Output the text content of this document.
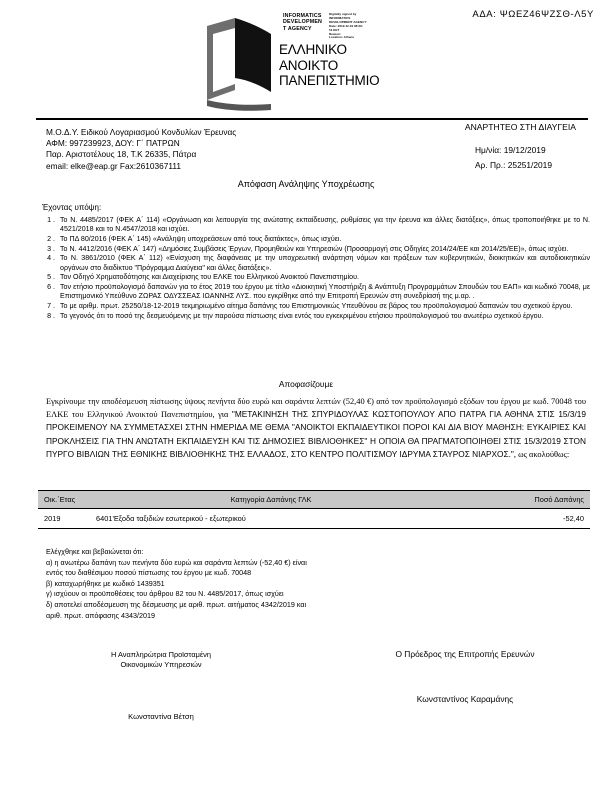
ΑΔΑ: ΨΩΕΖ46ΨΖΣΘ-Λ5Υ
ΕΛΛΗΝΙΚΟ
ΑΝΟΙΚΤΟ
ΠΑΝΕΠΙΣΤΗΜΙΟ
INFORMATICS
DEVELOPMEN
T AGENCY
Digitally signed by
INFORMATICS
DEVELOPMENT AGENCY
Date: 2019.12.19 08:29:
51 EET
Reason:
Location: Athens
ΑΝΑΡΤΗΤΕΟ ΣΤΗ ΔΙΑΥΓΕΙΑ
Μ.Ο.Δ.Υ. Ειδικού Λογαριασμού Κονδυλίων Έρευνας
ΑΦΜ: 997239923, ΔΟΥ: Γ΄ ΠΑΤΡΩΝ
Παρ. Αριστοτέλους 18, Τ.Κ 26335, Πάτρα
email: elke@eap.gr Fax:2610367111
Ημ/νία: 19/12/2019
Αρ. Πρ.: 25251/2019
Απόφαση Ανάληψης Υποχρέωσης
Έχοντας υπόψη:
1 . Το Ν. 4485/2017 (ΦΕΚ Α΄ 114) «Οργάνωση και λειτουργία της ανώτατης εκπαίδευσης, ρυθμίσεις για την έρευνα και άλλες διατάξεις», όπως τροποποιήθηκε με το Ν. 4521/2018 και το Ν.4547/2018 και ισχύει.
2 . Το ΠΔ 80/2016 (ΦΕΚ Α΄ 145) «Ανάληψη υποχρεάσεων από τους διατάκτες», όπως ισχύει.
3 . Το Ν. 4412/2016 (ΦΕΚ Α΄ 147) «Δημόσιες Συμβάσεις Έργων, Προμηθειών και Υπηρεσιών (Προσαρμογή στις Οδηγίες 2014/24/ΕΕ και 2014/25/ΕΕ)», όπως ισχύει.
4 . Το Ν. 3861/2010 (ΦΕΚ Α΄ 112) «Ενίσχυση της διαφάνειας με την υποχρεωτική ανάρτηση νόμων και πράξεων των κυβερνητικών, διοικητικών και αυτοδιοικητικών οργάνων στο διαδίκτυο "Πρόγραμμα Διαύγεια" και άλλες διατάξεις».
5 . Τον Οδηγό Χρηματοδότησης και Διαχείρισης του ΕΛΚΕ του Ελληνικού Ανοικτού Πανεπιστημίου.
6 . Τον ετήσιο προϋπολογισμό δαπανών για το έτος 2019 του έργου με τίτλο «Διοικητική Υποστήριξη & Ανάπτυξη Προγραμμάτων Σπουδών του ΕΑΠ» και κωδικό 70048, με Επιστημονικό Υπεύθυνο ΖΩΡΑΣ ΟΔΥΣΣΕΑΣ ΙΩΑΝΝΗΣ ΛΥΣ. που εγκρίθηκε από την Επιτροπή Ερευνών στη συνεδρίασή της μ.αρ. .
7 . Το με αριθμ. πρωτ. 25250/18-12-2019 τεκμηριωμένο αίτημα δαπάνης του Επιστημονικώς Υπευθύνου σε βάρος του προϋπολογισμού δαπανών του σχετικού έργου.
8 . Το γεγονός ότι το ποσό της δεσμευόμενης με την παρούσα πίστωσης είναι εντός του εγκεκριμένου ετήσιου προϋπολογισμού του ανωτέρω σχετικού έργου.
Αποφασίζουμε
Εγκρίνουμε την αποδέσμευση πίστωσης ύψους πενήντα δύο ευρώ και σαράντα λεπτών (52,40 €) από τον προϋπολογισμό εξόδων του έργου με κωδ. 70048 του ΕΛΚΕ του Ελληνικού Ανοικτού Πανεπιστημίου, για "ΜΕΤΑΚΙΝΗΣΗ ΤΗΣ ΣΠΥΡΙΔΟΥΛΑΣ ΚΩΣΤΟΠΟΥΛΟΥ ΑΠΟ ΠΑΤΡΑ ΓΙΑ ΑΘΗΝΑ ΣΤΙΣ 15/3/19 ΠΡΟΚΕΙΜΕΝΟΥ ΝΑ ΣΥΜΜΕΤΑΣΧΕΙ ΣΤΗΝ ΗΜΕΡΙΔΑ ΜΕ ΘΕΜΑ "ΑΝΟΙΚΤΟΙ ΕΚΠΑΙΔΕΥΤΙΚΟΙ ΠΟΡΟΙ ΚΑΙ ΔΙΑ ΒΙΟΥ ΜΑΘΗΣΗ: ΕΥΚΑΙΡΙΕΣ ΚΑΙ ΠΡΟΚΛΗΣΕΙΣ ΓΙΑ ΤΗΝ ΑΝΩΤΑΤΗ ΕΚΠΑΙΔΕΥΣΗ ΚΑΙ ΤΙΣ ΔΗΜΟΣΙΕΣ ΒΙΒΛΙΟΘΗΚΕΣ" Η ΟΠΟΙΑ ΘΑ ΠΡΑΓΜΑΤΟΠΟΙΗΘΕΙ ΣΤΙΣ 15/3/2019 ΣΤΟΝ ΠΥΡΓΟ ΒΙΒΛΙΩΝ ΤΗΣ ΕΘΝΙΚΗΣ ΒΙΒΛΙΟΘΗΚΗΣ ΤΗΣ ΕΛΛΑΔΟΣ, ΣΤΟ ΚΕΝΤΡΟ ΠΟΛΙΤΙΣΜΟΥ ΙΔΡΥΜΑ ΣΤΑΥΡΟΣ ΝΙΑΡΧΟΣ.", ως ακολούθως:
Οικ.΄Ετας	Κατηγορία Δαπάνης ΓΛΚ	Ποσό Δαπάνης
2019	6401'Εξοδα ταξιδιών εσωτερικού - εξωτερικού	-52,40
Ελέγχθηκε και βεβαιώνεται ότι:
α) η ανωτέρω δαπάνη των πενήντα δύο ευρώ και σαράντα λεπτών (-52,40 €) είναι
εντός του διαθέσιμου ποσού πίστωσης του έργου με κωδ. 70048
β) καταχωρήθηκε με κωδικό 1439351
γ) ισχύουν οι προϋποθέσεις του άρθρου 82 του Ν. 4485/2017, όπως ισχύει
δ) αποτελεί αποδέσμευση της δέσμευσης με αριθ. πρωτ. αιτήματος 4342/2019 και
αριθ. πρωτ. απόφασης 4343/2019
Η Αναπληρώτρια Προϊσταμένη
Οικονομικών Υπηρεσιών
Ο Πρόεδρος της Επιτροπής Ερευνών
Κωνσταντίνος Καραμάνης
Κωνσταντίνα Βέτση
